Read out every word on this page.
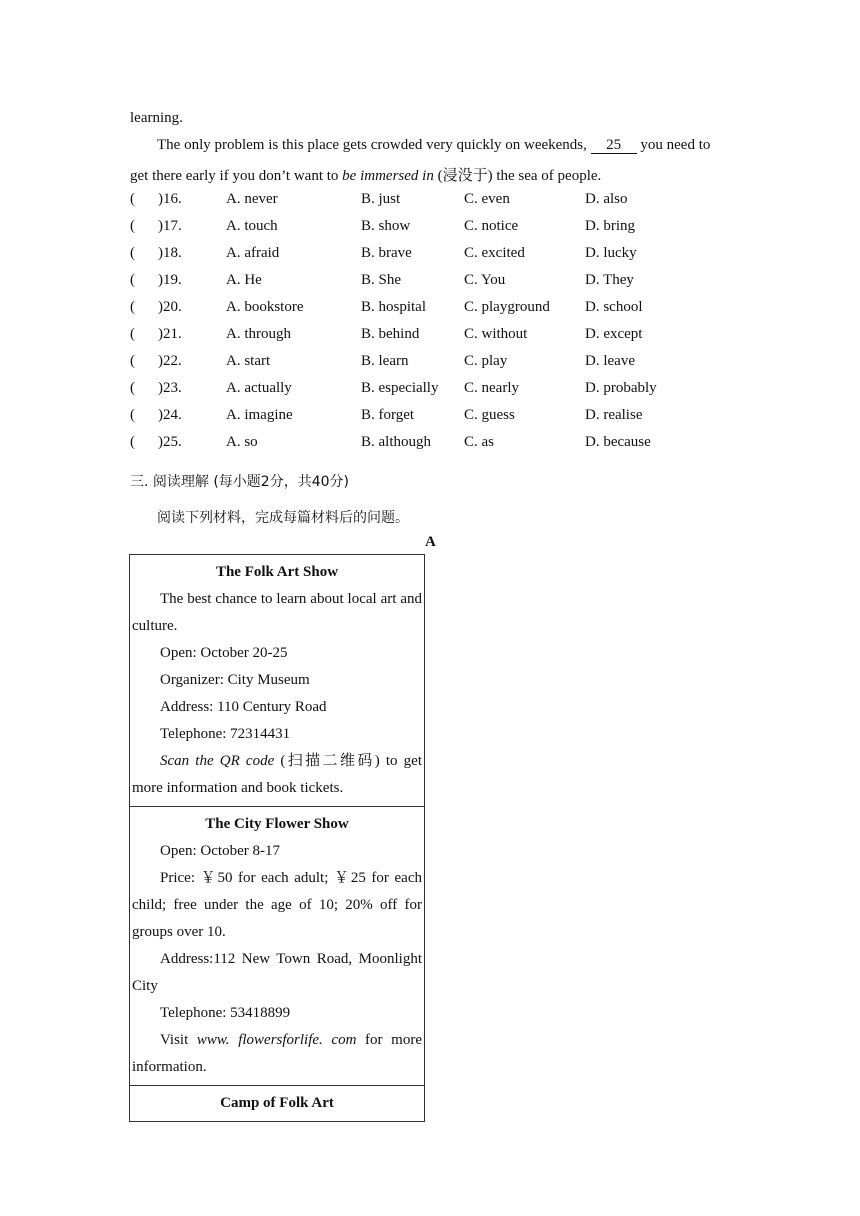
learning.
The only problem is this place gets crowded very quickly on weekends, 25 you need to
get there early if you don’t want to be immersed in (浸没于) the sea of people.
( )16.	A. never	B. just	C. even	D. also
( )17.	A. touch	B. show	C. notice	D. bring
( )18.	A. afraid	B. brave	C. excited	D. lucky
( )19.	A. He	B. She	C. You	D. They
( )20.	A. bookstore	B. hospital	C. playground D. school
( )21.	A. through	B. behind	C. without	D. except
( )22.	A. start	B. learn	C. play	D. leave
( )23.	A. actually	B. especially C. nearly	D. probably
( )24.	A. imagine	B. forget	C. guess	D. realise
( )25.	A. so	B. although C. as	D. because
三. 阅读理解 (每小题2分，共40分)
阅读下列材料，完成每篇材料后的问题。
A
The Folk Art Show

The best chance to learn about local art and culture.

Open: October 20-25

Organizer: City Museum

Address: 110 Century Road

Telephone: 72314431

Scan the QR code (扫描二维码) to get more information and book tickets.

The City Flower Show

Open: October 8-17

Price: ￥50 for each adult; ￥25 for each child; free under the age of 10; 20% off for groups over 10.

Address:112 New Town Road, Moonlight City

Telephone: 53418899

Visit www. flowersforlife. com for more information.

Camp of Folk Art
